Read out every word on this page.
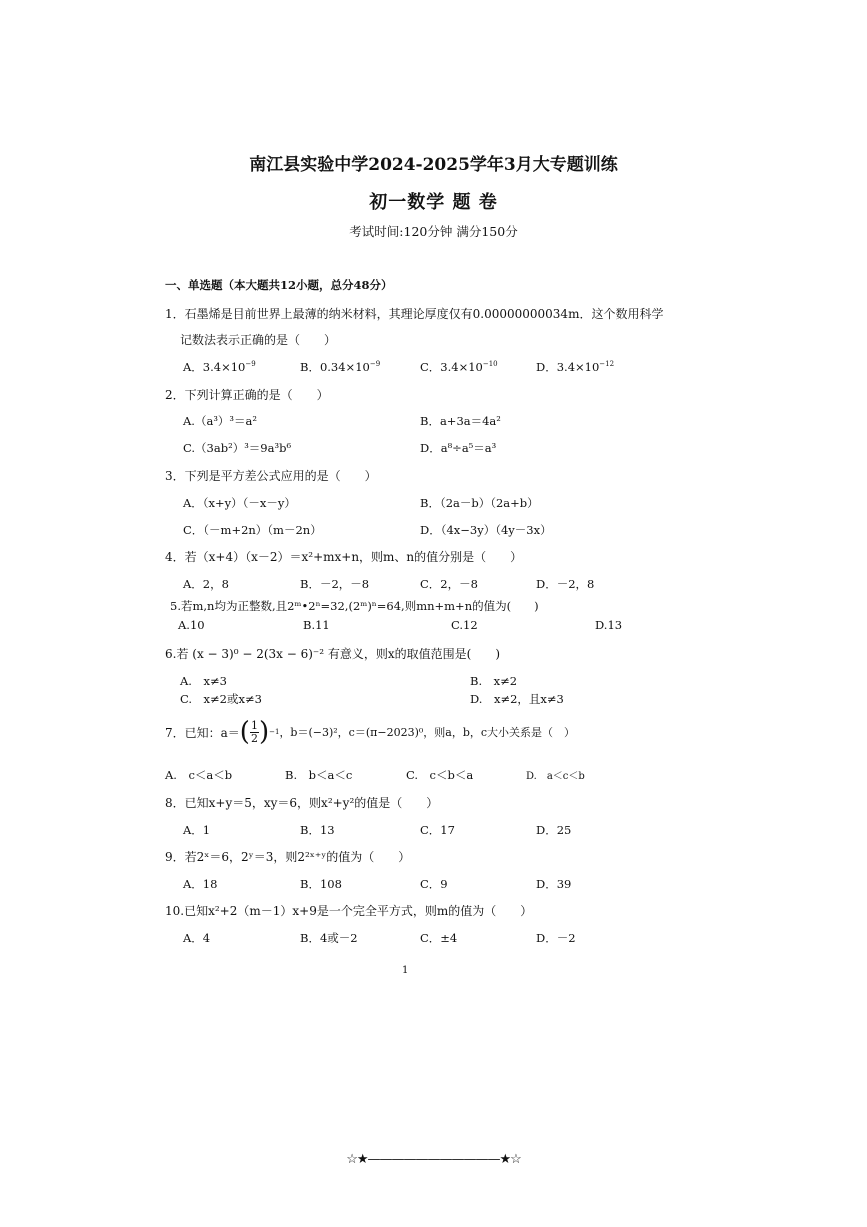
南江县实验中学2024-2025学年3月大专题训练
初一数学 题 卷
考试时间:120分钟 满分150分
一、单选题（本大题共12小题，总分48分）
1．石墨烯是目前世界上最薄的纳米材料，其理论厚度仅有0.00000000034m．这个数用科学
记数法表示正确的是（　　）
A．$3.4\times 10^{-9}$	B．$0.34\times 10^{-9}$	C．$3.4\times 10^{-10}$	D．$3.4\times 10^{-12}$
2．下列计算正确的是（　　）
A.（a³）³＝a²	B．a+3a＝4a²
C.（3ab²）³＝9a³b⁶	D．a⁸÷a⁵＝a³
3．下列是平方差公式应用的是（　　）
A．（x+y）（－x－y）	B．（2a－b）（2a+b）
C．（－m+2n）（m－2n）	D．（4x−3y）（4y－3x）
4．若（x+4）（x－2）＝x²+mx+n，则m、n的值分别是（　　）
A．2，8	B．－2，－8	C．2，－8	D．－2，8
5.若m,n均为正整数,且2ᵐ•2ⁿ=32,(2ᵐ)ⁿ=64,则mn+m+n的值为(　　)
A.10	B.11	C.12	D.13
6.若 (x − 3)⁰ − 2(3x − 6)⁻² 有意义，则x的取值范围是(　　)
A.　x≠3	B.　x≠2
C.　x≠2或x≠3	D.　x≠2，且x≠3
7．已知：a＝ ( 1
2 ) −1 ，b＝(−3)²，c＝(π−2023)⁰，则a，b，c大小关系是（　）
A.　c＜a＜b	B.　b＜a＜c	C.　c＜b＜a	D.　a＜c＜b
8．已知x+y＝5，xy＝6，则x²+y²的值是（　　）
A．1	B．13	C．17	D．25
9．若2ˣ＝6，2ʸ＝3，则2²ˣ⁺ʸ的值为（　　）
A．18	B．108	C．9	D．39
10.已知x²+2（m－1）x+9是一个完全平方式，则m的值为（　　）
A．4	B．4或－2	C．±4	D．－2
1
☆★———————————★☆
